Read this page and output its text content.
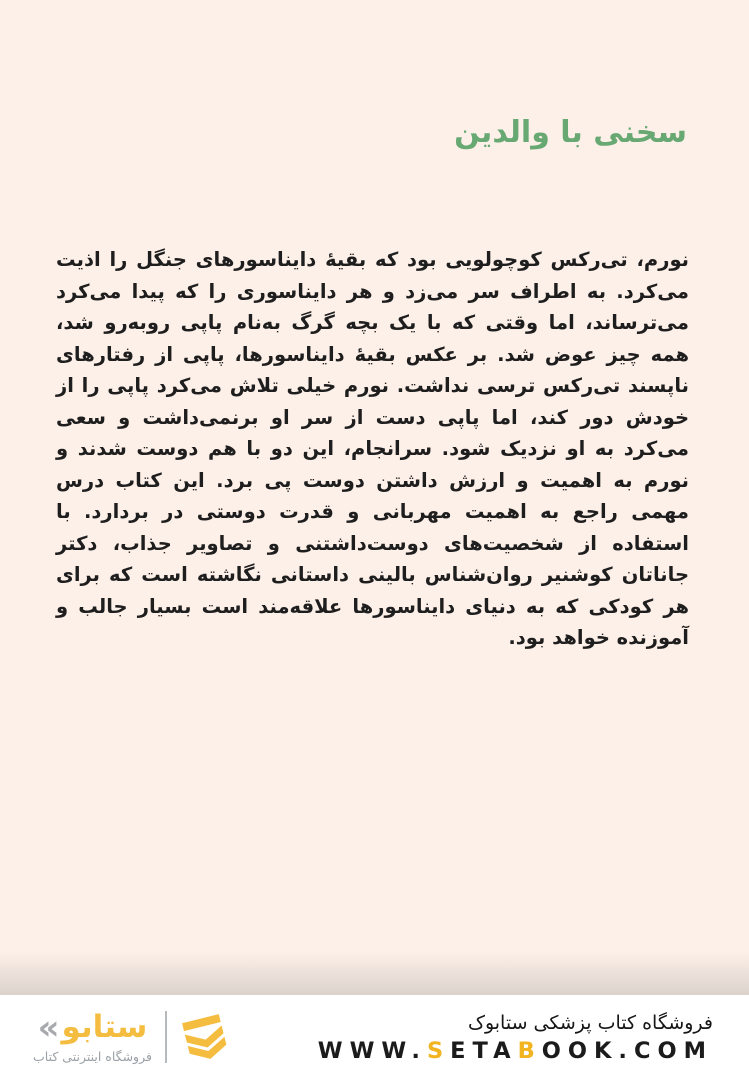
سخنی با والدین

نورم، تی‌رکس کوچولویی بود که بقیۀ دایناسورهای جنگل را اذیت می‌کرد. به اطراف سر می‌زد و هر دایناسوری را که پیدا می‌کرد می‌ترساند، اما وقتی که با یک بچه گرگ به‌نام پاپی روبه‌رو شد، همه چیز عوض شد. بر عکس بقیۀ دایناسورها، پاپی از رفتارهای ناپسند تی‌رکس ترسی نداشت. نورم خیلی تلاش می‌کرد پاپی را از خودش دور کند، اما پاپی دست از سر او برنمی‌داشت و سعی می‌کرد به او نزدیک شود. سرانجام، این دو با هم دوست شدند و نورم به اهمیت و ارزش داشتن دوست پی برد. این کتاب درس مهمی راجع به اهمیت مهربانی و قدرت دوستی در بردارد. با استفاده از شخصیت‌های دوست‌داشتنی و تصاویر جذاب، دکتر جاناتان کوشنیر روان‌شناس بالینی داستانی نگاشته است که برای هر کودکی که به دنیای دایناسورها علاقه‌مند است بسیار جالب و آموزنده خواهد بود.

« ستابو
فروشگاه اینترنتی کتاب
فروشگاه کتاب پزشکی ستابوک
WWW.SETABOOK.COM
